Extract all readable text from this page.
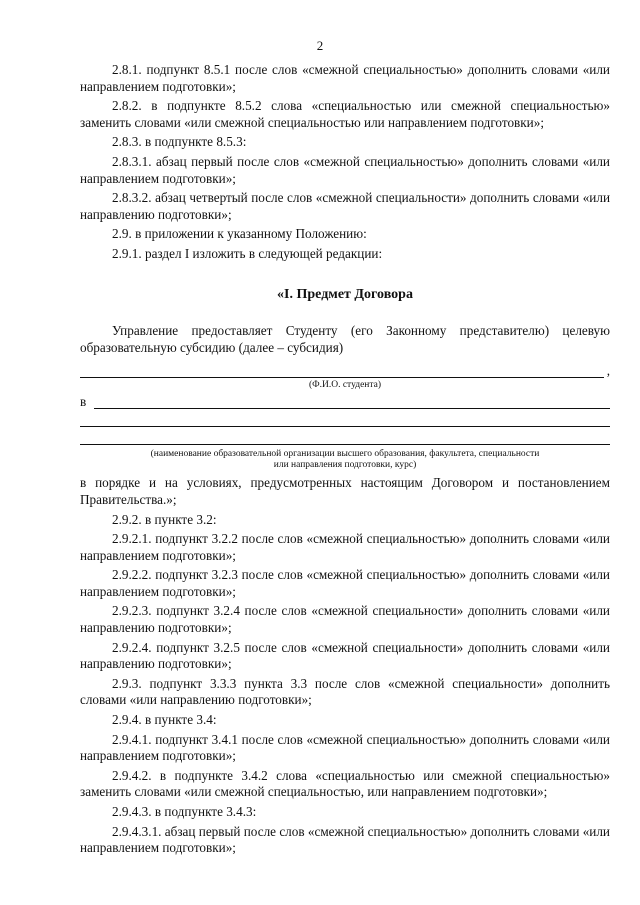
2

2.8.1. подпункт 8.5.1 после слов «смежной специальностью» дополнить словами «или направлением подготовки»;

2.8.2. в подпункте 8.5.2 слова «специальностью или смежной специальностью» заменить словами «или смежной специальностью или направлением подготовки»;

2.8.3. в подпункте 8.5.3:

2.8.3.1. абзац первый после слов «смежной специальностью» дополнить словами «или направлением подготовки»;

2.8.3.2. абзац четвертый после слов «смежной специальности» дополнить словами «или направлению подготовки»;

2.9. в приложении к указанному Положению:

2.9.1. раздел I изложить в следующей редакции:

«I. Предмет Договора

Управление предоставляет Студенту (его Законному представителю) целевую образовательную субсидию (далее – субсидия)

,
(Ф.И.О. студента)
в
(наименование образовательной организации высшего образования, факультета, специальности
или направления подготовки, курс)

в порядке и на условиях, предусмотренных настоящим Договором и постановлением Правительства.»;

2.9.2. в пункте 3.2:

2.9.2.1. подпункт 3.2.2 после слов «смежной специальностью» дополнить словами «или направлением подготовки»;

2.9.2.2. подпункт 3.2.3 после слов «смежной специальностью» дополнить словами «или направлением подготовки»;

2.9.2.3. подпункт 3.2.4 после слов «смежной специальности» дополнить словами «или направлению подготовки»;

2.9.2.4. подпункт 3.2.5 после слов «смежной специальности» дополнить словами «или направлению подготовки»;

2.9.3. подпункт 3.3.3 пункта 3.3 после слов «смежной специальности» дополнить словами «или направлению подготовки»;

2.9.4. в пункте 3.4:

2.9.4.1. подпункт 3.4.1 после слов «смежной специальностью» дополнить словами «или направлением подготовки»;

2.9.4.2. в подпункте 3.4.2 слова «специальностью или смежной специальностью» заменить словами «или смежной специальностью, или направлением подготовки»;

2.9.4.3. в подпункте 3.4.3:

2.9.4.3.1. абзац первый после слов «смежной специальностью» дополнить словами «или направлением подготовки»;
